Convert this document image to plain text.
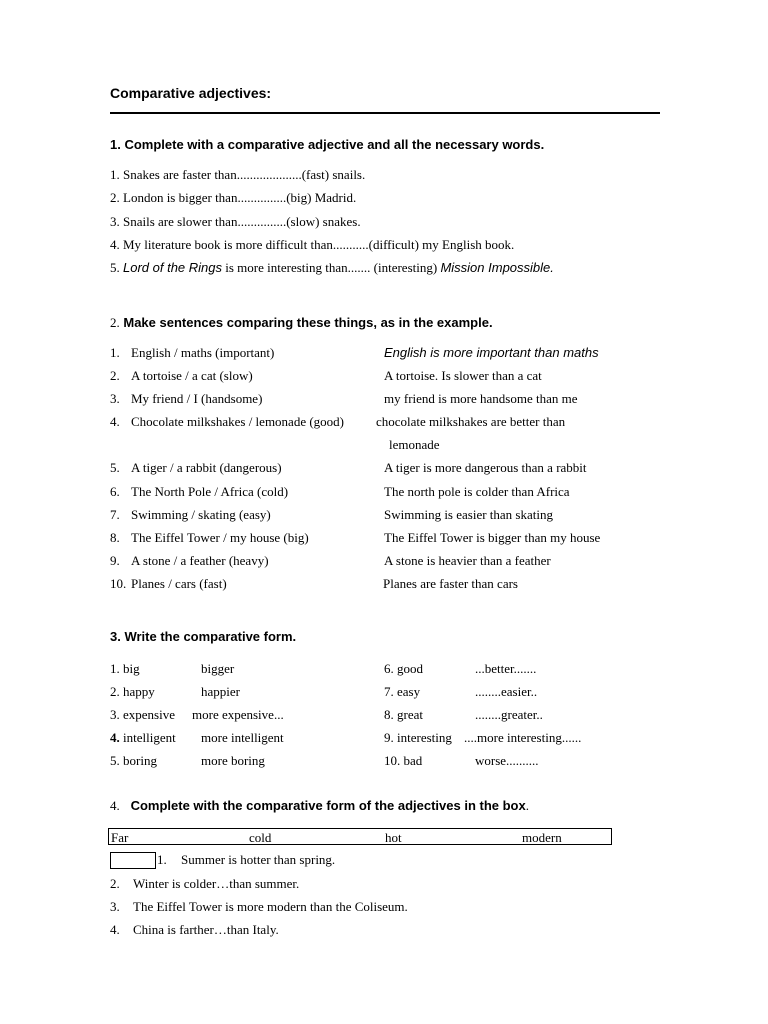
Comparative adjectives:
1. Complete with a comparative adjective and all the necessary words.
1. Snakes are faster than....................(fast) snails.
2. London is bigger than...............(big) Madrid.
3. Snails are slower than...............(slow) snakes.
4. My literature book is more difficult than...........(difficult) my English book.
5. Lord of the Rings is more interesting than....... (interesting) Mission Impossible.
2. Make sentences comparing these things, as in the example.
1. English / maths (important)	English is more important than maths
2. A tortoise / a cat (slow)	A tortoise. Is slower than a cat
3. My friend / I (handsome)	my friend is more handsome than me
4. Chocolate milkshakes / lemonade (good) chocolate milkshakes are better than
lemonade
5. A tiger / a rabbit (dangerous)	A tiger is more dangerous than a rabbit
6. The North Pole / Africa (cold)	The north pole is colder than Africa
7. Swimming / skating (easy)	Swimming is easier than skating
8. The Eiffel Tower / my house (big)	The Eiffel Tower is bigger than my house
9. A stone / a feather (heavy)	A stone is heavier than a feather
10. Planes / cars (fast)	Planes are faster than cars
3. Write the comparative form.
1. big	bigger
2. happy	happier
3. expensive more expensive...
4. intelligent more intelligent
5. boring	more boring
6. good	...better.......
7. easy	........easier..
8. great	........greater..
9. interesting ....more interesting......
10. bad	worse..........
4. Complete with the comparative form of the adjectives in the box.
Far	cold	hot	modern
1. Summer is hotter than spring.
2. Winter is colder…than summer.
3. The Eiffel Tower is more modern than the Coliseum.
4. China is farther…than Italy.
